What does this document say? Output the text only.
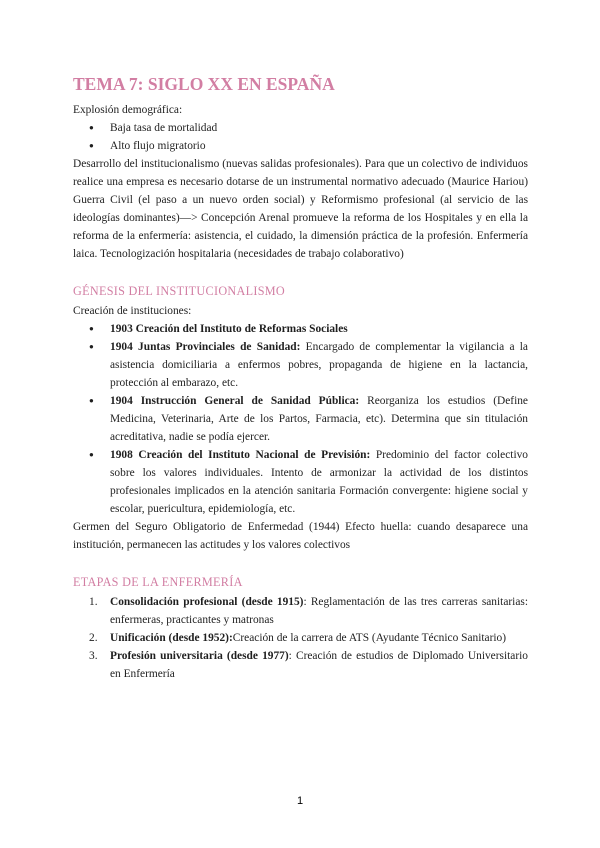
TEMA 7: SIGLO XX EN ESPAÑA

Explosión demográfica:

● Baja tasa de mortalidad
● Alto flujo migratorio

Desarrollo del institucionalismo (nuevas salidas profesionales). Para que un colectivo de individuos realice una empresa es necesario dotarse de un instrumental normativo adecuado (Maurice Hariou) Guerra Civil (el paso a un nuevo orden social) y Reformismo profesional (al servicio de las ideologías dominantes)—> Concepción Arenal promueve la reforma de los Hospitales y en ella la reforma de la enfermería: asistencia, el cuidado, la dimensión práctica de la profesión. Enfermería laica. Tecnologización hospitalaria (necesidades de trabajo colaborativo)

GÉNESIS DEL INSTITUCIONALISMO

Creación de instituciones:

● 1903 Creación del Instituto de Reformas Sociales
● 1904 Juntas Provinciales de Sanidad: Encargado de complementar la vigilancia a la asistencia domiciliaria a enfermos pobres, propaganda de higiene en la lactancia, protección al embarazo, etc.
● 1904 Instrucción General de Sanidad Pública: Reorganiza los estudios (Define Medicina, Veterinaria, Arte de los Partos, Farmacia, etc). Determina que sin titulación acreditativa, nadie se podía ejercer.
● 1908 Creación del Instituto Nacional de Previsión: Predominio del factor colectivo sobre los valores individuales. Intento de armonizar la actividad de los distintos profesionales implicados en la atención sanitaria Formación convergente: higiene social y escolar, puericultura, epidemiología, etc.

Germen del Seguro Obligatorio de Enfermedad (1944) Efecto huella: cuando desaparece una institución, permanecen las actitudes y los valores colectivos

ETAPAS DE LA ENFERMERÍA
1. Consolidación profesional (desde 1915): Reglamentación de las tres carreras sanitarias: enfermeras, practicantes y matronas
2. Unificación (desde 1952):Creación de la carrera de ATS (Ayudante Técnico Sanitario)
3. Profesión universitaria (desde 1977): Creación de estudios de Diplomado Universitario en Enfermería
1
